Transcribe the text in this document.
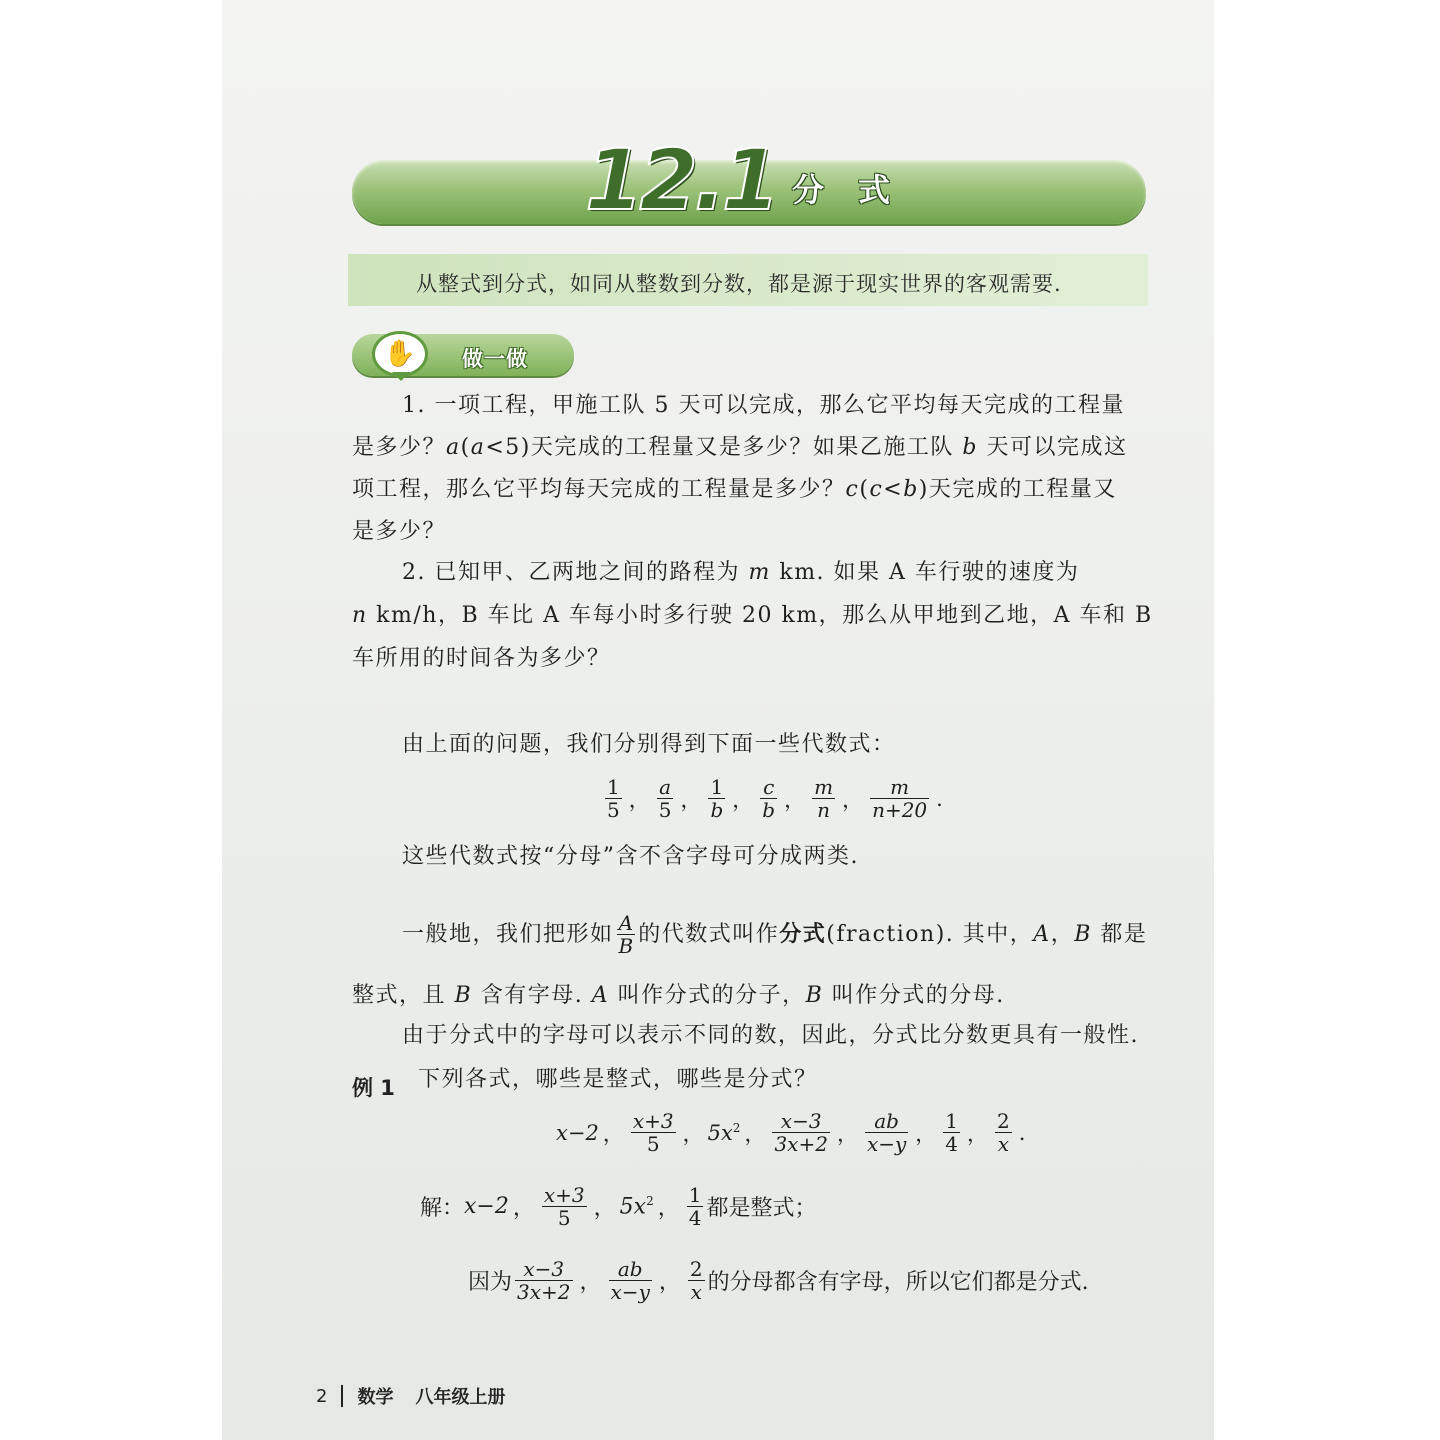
12.1 分式
从整式到分式，如同从整数到分数，都是源于现实世界的客观需要.
✋	做一做
1. 一项工程，甲施工队 5 天可以完成，那么它平均每天完成的工程量
是多少？a(a<5)天完成的工程量又是多少？如果乙施工队 b 天可以完成这
项工程，那么它平均每天完成的工程量是多少？c(c<b)天完成的工程量又
是多少？
2. 已知甲、乙两地之间的路程为 m km. 如果 A 车行驶的速度为
n km/h，B 车比 A 车每小时多行驶 20 km，那么从甲地到乙地，A 车和 B
车所用的时间各为多少？
由上面的问题，我们分别得到下面一些代数式：
$\frac{1}{5}$ ， $\frac{a}{5}$ ， $\frac{1}{b}$ ， $\frac{c}{b}$ ， $\frac{m}{n}$ ， $\frac{m}{n+20}$ .
这些代数式按“分母”含不含字母可分成两类.
一般地，我们把形如 $\frac{A}{B}$ 的代数式叫作 分式 (fraction). 其中， A ， B
都是
整式，且 B 含有字母. A 叫作分式的分子，B 叫作分式的分母.
由于分式中的字母可以表示不同的数，因此，分式比分数更具有一般性.
例 1 下列各式，哪些是整式，哪些是分式？
x−2 ， $\frac{x+3}{5}$ ， $5x^2$ ， $\frac{x-3}{3x+2}$ ， $\frac{ab}{x-y}$ ， $\frac{1}{4}$ ， $\frac{2}{x}$ .
解： x−2 ， $\frac{x+3}{5}$ ， $5x^2$ ， $\frac{1}{4}$ 都是整式；
因为 $\frac{x-3}{3x+2}$ ， $\frac{ab}{x-y}$ ， $\frac{2}{x}$ 的分母都含有字母，所以它们都是分式.
2 数学 八年级上册
